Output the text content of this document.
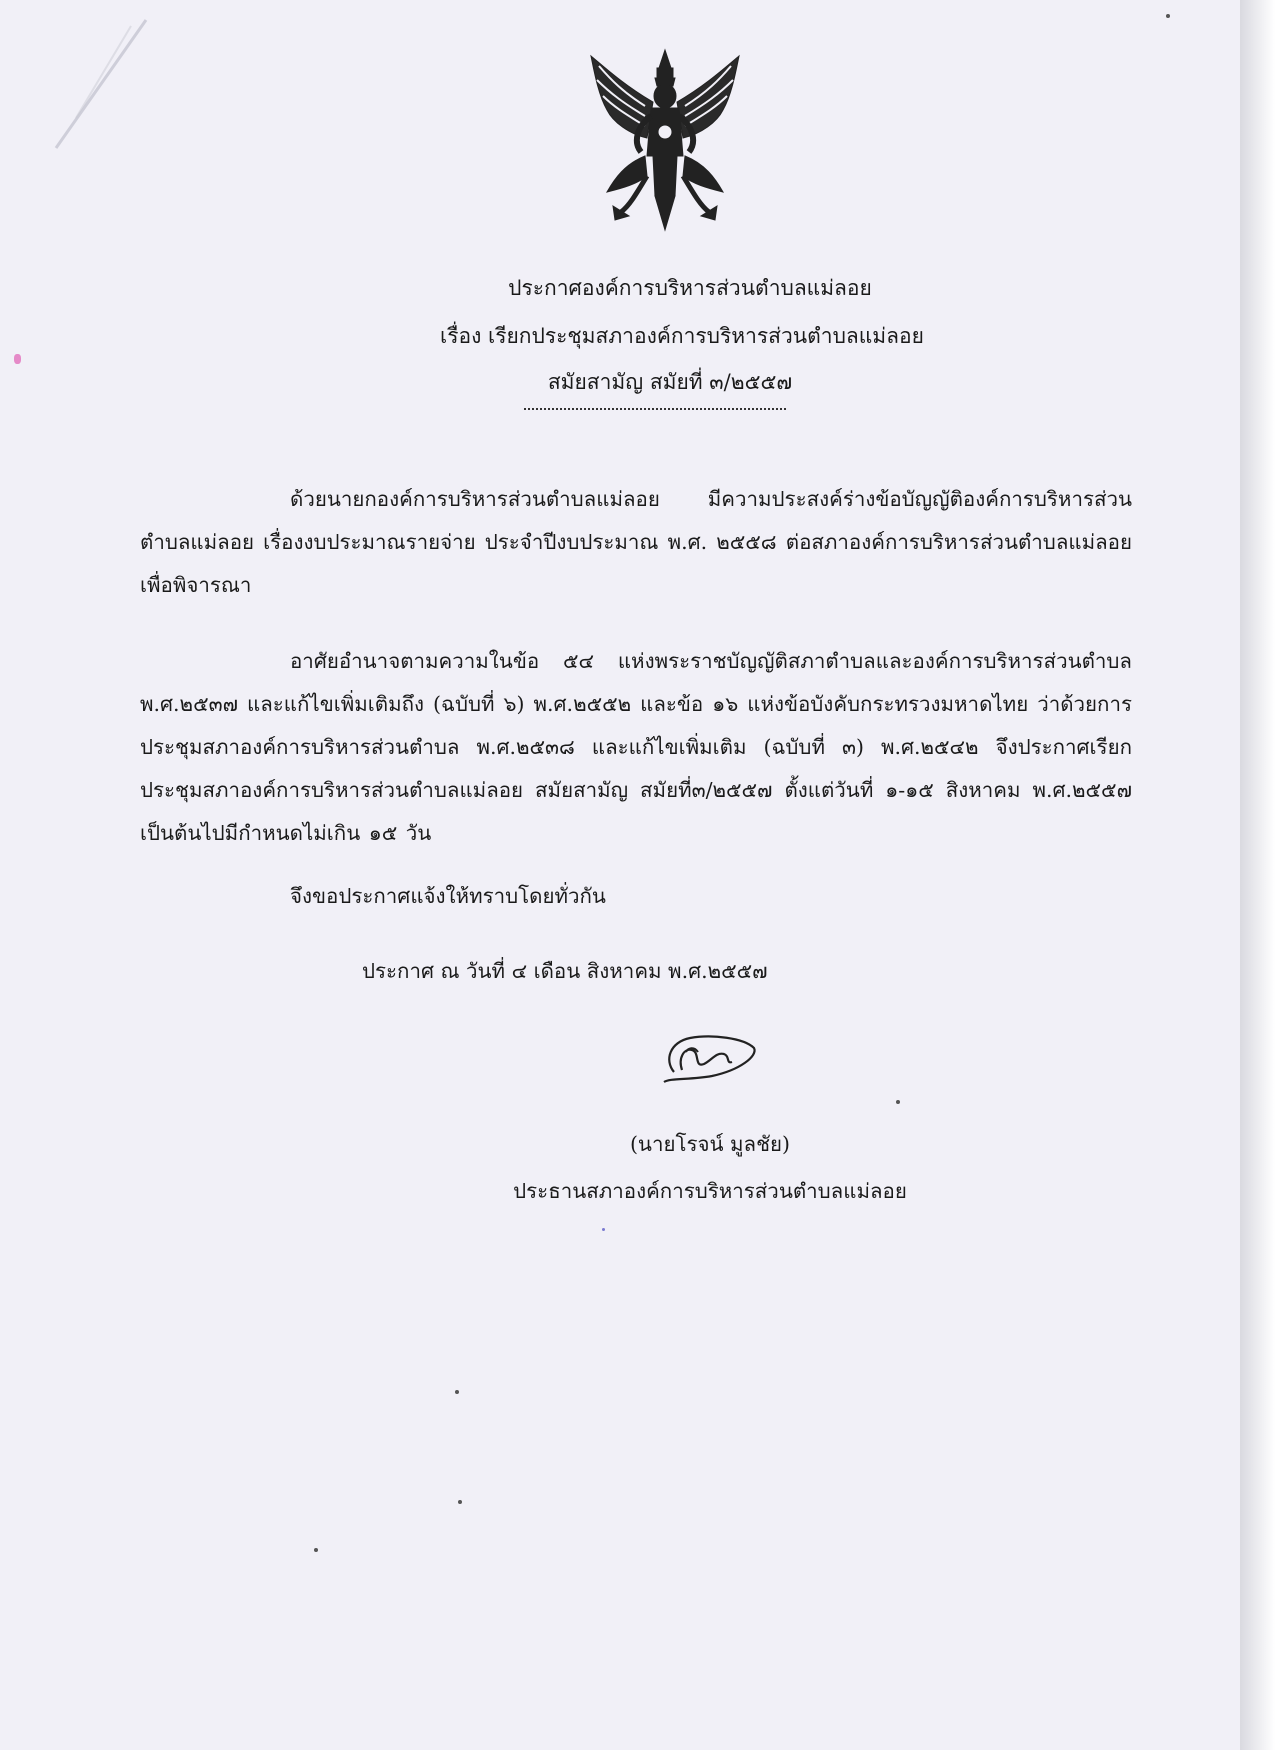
ประกาศองค์การบริหารส่วนตำบลแม่ลอย
เรื่อง เรียกประชุมสภาองค์การบริหารส่วนตำบลแม่ลอย
สมัยสามัญ สมัยที่ ๓/๒๕๕๗
ด้วยนายกองค์การบริหารส่วนตำบลแม่ลอย มีความประสงค์ร่างข้อบัญญัติองค์การบริหารส่วนตำบลแม่ลอย เรื่องงบประมาณรายจ่าย ประจำปีงบประมาณ พ.ศ. ๒๕๕๘ ต่อสภาองค์การบริหารส่วนตำบลแม่ลอยเพื่อพิจารณา
อาศัยอำนาจตามความในข้อ ๕๔ แห่งพระราชบัญญัติสภาตำบลและองค์การบริหารส่วนตำบล พ.ศ.๒๕๓๗ และแก้ไขเพิ่มเติมถึง (ฉบับที่ ๖) พ.ศ.๒๕๕๒ และข้อ ๑๖ แห่งข้อบังคับกระทรวงมหาดไทย ว่าด้วยการประชุมสภาองค์การบริหารส่วนตำบล พ.ศ.๒๕๓๘ และแก้ไขเพิ่มเติม (ฉบับที่ ๓) พ.ศ.๒๕๔๒ จึงประกาศเรียกประชุมสภาองค์การบริหารส่วนตำบลแม่ลอย สมัยสามัญ สมัยที่๓/๒๕๕๗ ตั้งแต่วันที่ ๑-๑๕ สิงหาคม พ.ศ.๒๕๕๗ เป็นต้นไปมีกำหนดไม่เกิน ๑๕ วัน
จึงขอประกาศแจ้งให้ทราบโดยทั่วกัน
ประกาศ ณ วันที่ ๔ เดือน สิงหาคม พ.ศ.๒๕๕๗
(นายโรจน์ มูลชัย)
ประธานสภาองค์การบริหารส่วนตำบลแม่ลอย
